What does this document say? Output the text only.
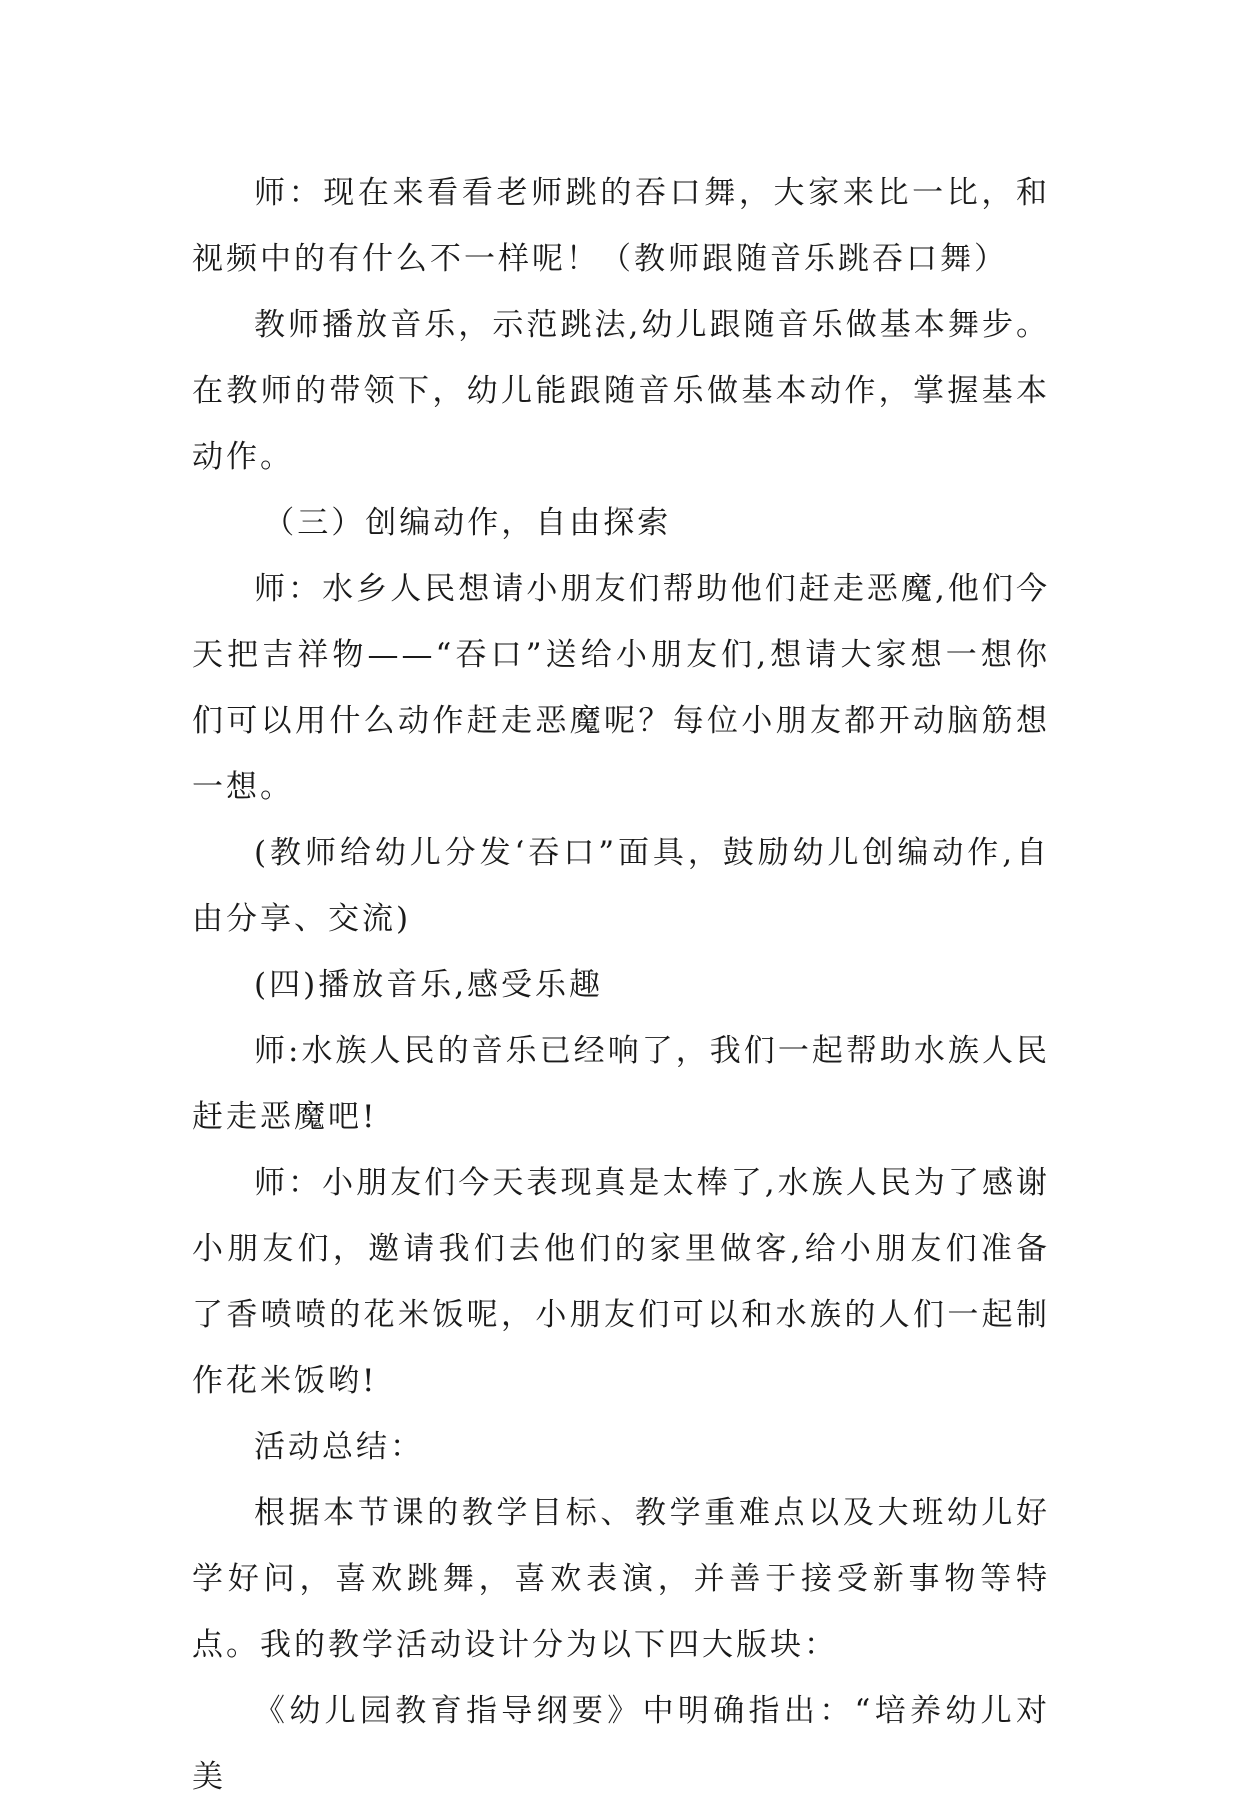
师：现在来看看老师跳的吞口舞，大家来比一比，和视频中的有什么不一样呢！（教师跟随音乐跳吞口舞）

教师播放音乐，示范跳法,幼儿跟随音乐做基本舞步。在教师的带领下，幼儿能跟随音乐做基本动作，掌握基本动作。

（三）创编动作，自由探索

师：水乡人民想请小朋友们帮助他们赶走恶魔,他们今天把吉祥物——“吞口”送给小朋友们,想请大家想一想你们可以用什么动作赶走恶魔呢？每位小朋友都开动脑筋想一想。

(教师给幼儿分发‘吞口”面具，鼓励幼儿创编动作,自由分享、交流)

(四)播放音乐,感受乐趣

师:水族人民的音乐已经响了，我们一起帮助水族人民赶走恶魔吧!

师：小朋友们今天表现真是太棒了,水族人民为了感谢小朋友们，邀请我们去他们的家里做客,给小朋友们准备了香喷喷的花米饭呢，小朋友们可以和水族的人们一起制作花米饭哟!

活动总结：

根据本节课的教学目标、教学重难点以及大班幼儿好学好问，喜欢跳舞，喜欢表演，并善于接受新事物等特点。我的教学活动设计分为以下四大版块：

《幼儿园教育指导纲要》中明确指出：“培养幼儿对美
